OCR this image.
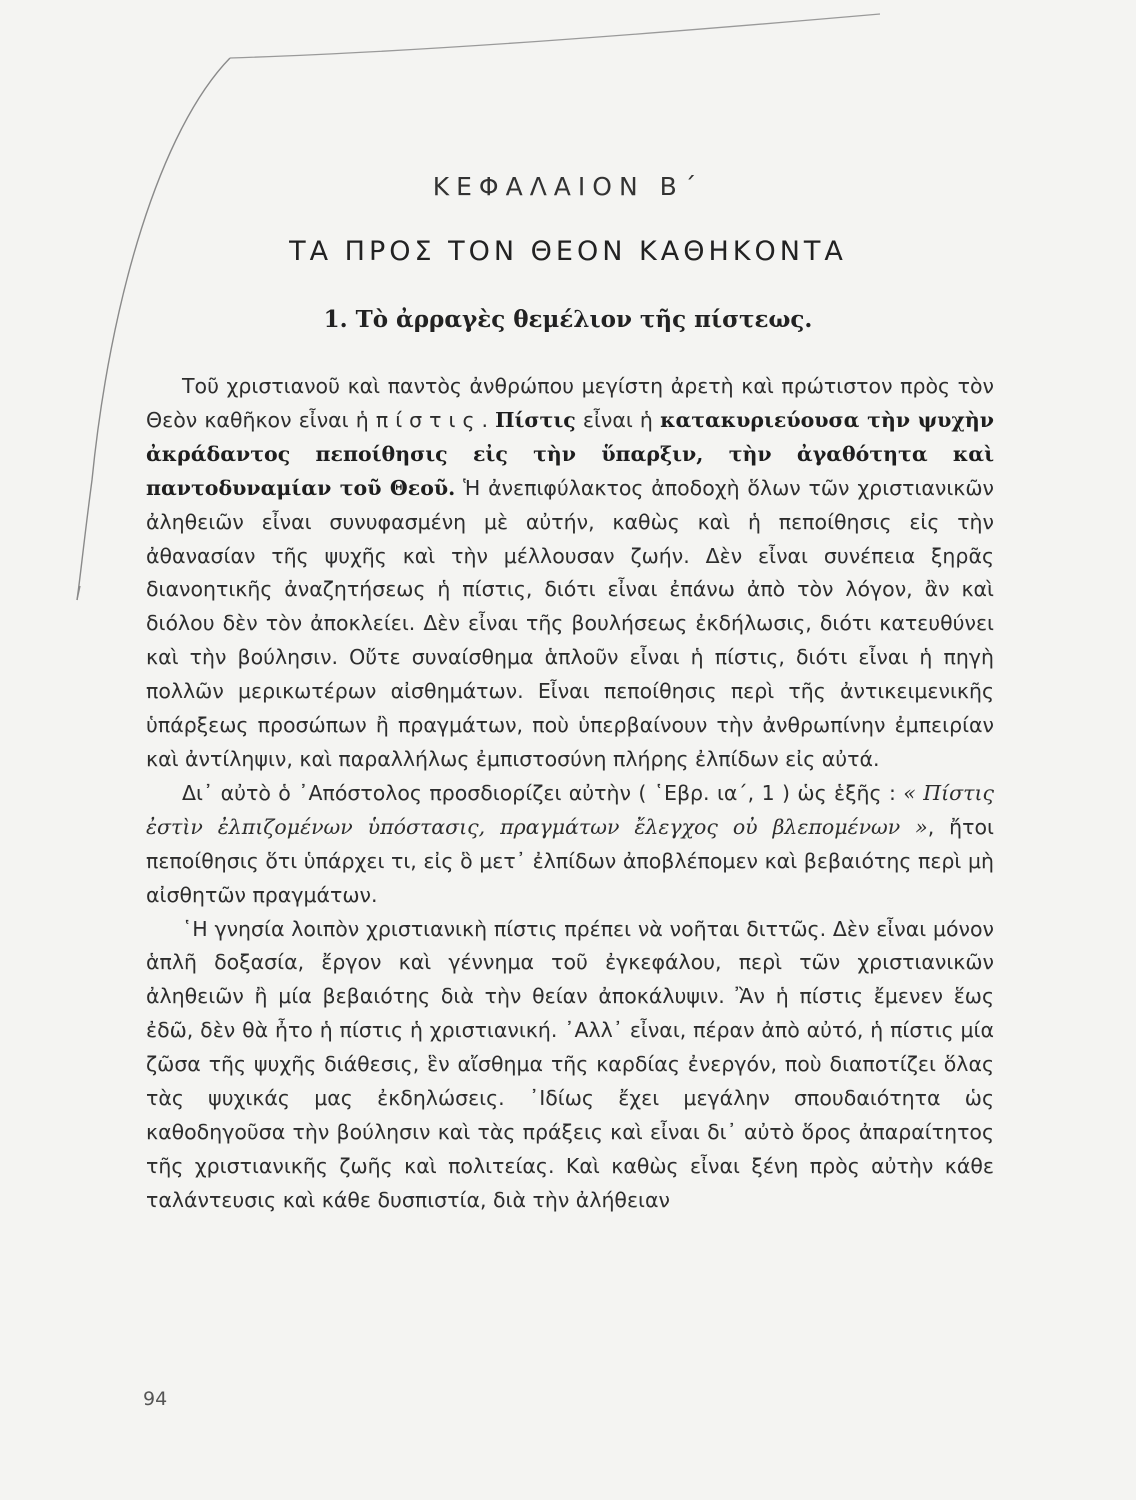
ΚΕΦΑΛΑΙΟΝ Β΄
ΤΑ ΠΡΟΣ ΤΟΝ ΘΕΟΝ ΚΑΘΗΚΟΝΤΑ
1. Τὸ ἀρραγὲς θεμέλιον τῆς πίστεως.

Τοῦ χριστιανοῦ καὶ παντὸς ἀνθρώπου μεγίστη ἀρετὴ καὶ πρώτιστον πρὸς τὸν Θεὸν καθῆκον εἶναι ἡ πίστις. Πίστις εἶναι ἡ κατακυριεύουσα τὴν ψυχὴν ἀκράδαντος πεποίθησις εἰς τὴν ὕπαρξιν, τὴν ἀγαθότητα καὶ παντοδυναμίαν τοῦ Θεοῦ. Ἡ ἀνεπιφύλακτος ἀποδοχὴ ὅλων τῶν χριστιανικῶν ἀληθειῶν εἶναι συνυφασμένη μὲ αὐτήν, καθὼς καὶ ἡ πεποίθησις εἰς τὴν ἀθανασίαν τῆς ψυχῆς καὶ τὴν μέλλουσαν ζωήν. Δὲν εἶναι συνέπεια ξηρᾶς διανοητικῆς ἀναζητήσεως ἡ πίστις, διότι εἶναι ἐπάνω ἀπὸ τὸν λόγον, ἂν καὶ διόλου δὲν τὸν ἀποκλείει. Δὲν εἶναι τῆς βουλήσεως ἐκδήλωσις, διότι κατευθύνει καὶ τὴν βούλησιν. Οὔτε συναίσθημα ἁπλοῦν εἶναι ἡ πίστις, διότι εἶναι ἡ πηγὴ πολλῶν μερικωτέρων αἰσθημάτων. Εἶναι πεποίθησις περὶ τῆς ἀντικειμενικῆς ὑπάρξεως προσώπων ἢ πραγμάτων, ποὺ ὑπερβαίνουν τὴν ἀνθρωπίνην ἐμπειρίαν καὶ ἀντίληψιν, καὶ παραλλήλως ἐμπιστοσύνη πλήρης ἐλπίδων εἰς αὐτά.

Δι᾿ αὐτὸ ὁ ᾿Απόστολος προσδιορίζει αὐτὴν ( ῾Εβρ. ια΄, 1 ) ὡς ἑξῆς : « Πίστις ἐστὶν ἐλπιζομένων ὑπόστασις, πραγμάτων ἔλεγχος οὐ βλεπομένων », ἤτοι πεποίθησις ὅτι ὑπάρχει τι, εἰς ὃ μετ᾿ ἐλπίδων ἀποβλέπομεν καὶ βεβαιότης περὶ μὴ αἰσθητῶν πραγμάτων.

῾Η γνησία λοιπὸν χριστιανικὴ πίστις πρέπει νὰ νοῆται διττῶς. Δὲν εἶναι μόνον ἁπλῆ δοξασία, ἔργον καὶ γέννημα τοῦ ἐγκεφάλου, περὶ τῶν χριστιανικῶν ἀληθειῶν ἢ μία βεβαιότης διὰ τὴν θείαν ἀποκάλυψιν. Ἂν ἡ πίστις ἔμενεν ἕως ἐδῶ, δὲν θὰ ἦτο ἡ πίστις ἡ χριστιανική. ᾿Αλλ᾿ εἶναι, πέραν ἀπὸ αὐτό, ἡ πίστις μία ζῶσα τῆς ψυχῆς διάθεσις, ἓν αἴσθημα τῆς καρδίας ἐνεργόν, ποὺ διαποτίζει ὅλας τὰς ψυχικάς μας ἐκδηλώσεις. ᾿Ιδίως ἔχει μεγάλην σπουδαιότητα ὡς καθοδηγοῦσα τὴν βούλησιν καὶ τὰς πράξεις καὶ εἶναι δι᾿ αὐτὸ ὅρος ἀπαραίτητος τῆς χριστιανικῆς ζωῆς καὶ πολιτείας. Καὶ καθὼς εἶναι ξένη πρὸς αὐτὴν κάθε ταλάντευσις καὶ κάθε δυσπιστία, διὰ τὴν ἀλήθειαν

94
